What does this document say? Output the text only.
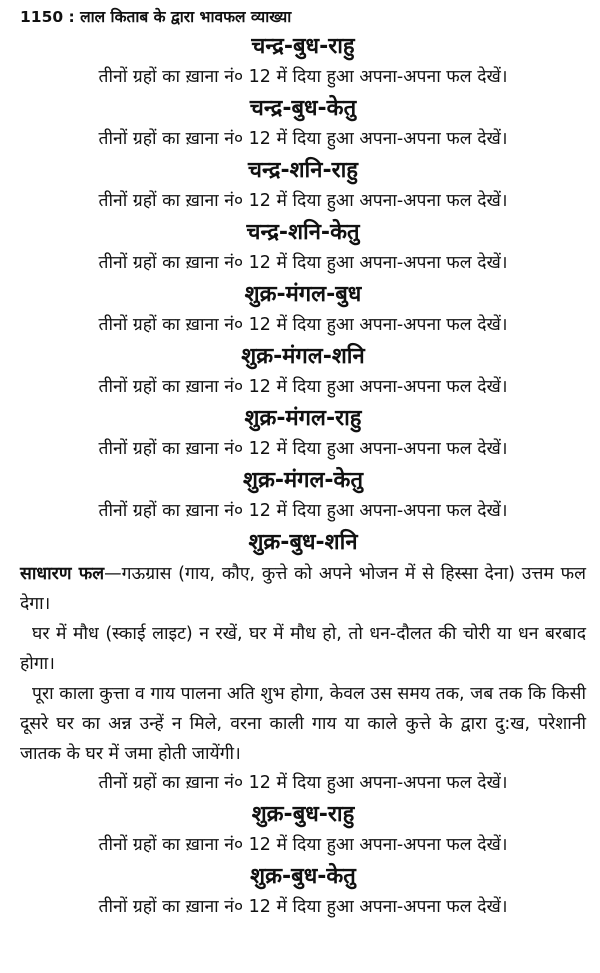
1150 : लाल किताब के द्वारा भावफल व्याख्या
चन्द्र-बुध-राहु
तीनों ग्रहों का ख़ाना नं० 12 में दिया हुआ अपना-अपना फल देखें।
चन्द्र-बुध-केतु
तीनों ग्रहों का ख़ाना नं० 12 में दिया हुआ अपना-अपना फल देखें।
चन्द्र-शनि-राहु
तीनों ग्रहों का ख़ाना नं० 12 में दिया हुआ अपना-अपना फल देखें।
चन्द्र-शनि-केतु
तीनों ग्रहों का ख़ाना नं० 12 में दिया हुआ अपना-अपना फल देखें।
शुक्र-मंगल-बुध
तीनों ग्रहों का ख़ाना नं० 12 में दिया हुआ अपना-अपना फल देखें।
शुक्र-मंगल-शनि
तीनों ग्रहों का ख़ाना नं० 12 में दिया हुआ अपना-अपना फल देखें।
शुक्र-मंगल-राहु
तीनों ग्रहों का ख़ाना नं० 12 में दिया हुआ अपना-अपना फल देखें।
शुक्र-मंगल-केतु
तीनों ग्रहों का ख़ाना नं० 12 में दिया हुआ अपना-अपना फल देखें।
शुक्र-बुध-शनि

साधारण फल—गऊग्रास (गाय, कौए, कुत्ते को अपने भोजन में से हिस्सा देना) उत्तम फल देगा।

घर में मौध (स्काई लाइट) न रखें, घर में मौध हो, तो धन-दौलत की चोरी या धन बरबाद होगा।

पूरा काला कुत्ता व गाय पालना अति शुभ होगा, केवल उस समय तक, जब तक कि किसी दूसरे घर का अन्न उन्हें न मिले, वरना काली गाय या काले कुत्ते के द्वारा दु:ख, परेशानी जातक के घर में जमा होती जायेंगी।

तीनों ग्रहों का ख़ाना नं० 12 में दिया हुआ अपना-अपना फल देखें।
शुक्र-बुध-राहु
तीनों ग्रहों का ख़ाना नं० 12 में दिया हुआ अपना-अपना फल देखें।
शुक्र-बुध-केतु
तीनों ग्रहों का ख़ाना नं० 12 में दिया हुआ अपना-अपना फल देखें।
